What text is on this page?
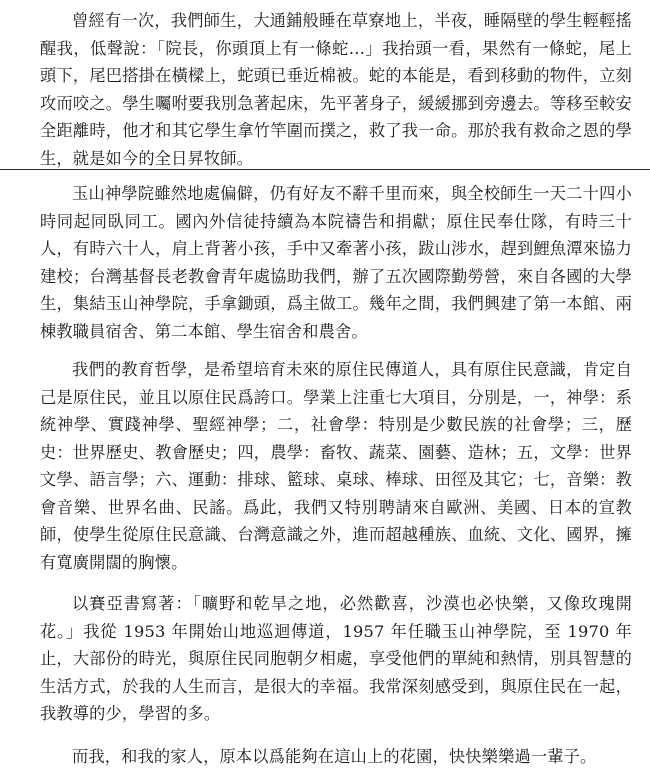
曾經有一次，我們師生，大通鋪般睡在草寮地上，半夜，睡隔壁的學生輕輕搖醒我，低聲說：「院長，你頭頂上有一條蛇…」我抬頭一看，果然有一條蛇，尾上頭下，尾巴搭掛在橫樑上，蛇頭已垂近棉被。蛇的本能是，看到移動的物件，立刻攻而咬之。學生囑咐要我別急著起床，先平著身子，緩緩挪到旁邊去。等移至較安全距離時，他才和其它學生拿竹竿圍而撲之，救了我一命。那於我有救命之恩的學生，就是如今的全日昇牧師。

玉山神學院雖然地處偏僻，仍有好友不辭千里而來，與全校師生一天二十四小時同起同臥同工。國內外信徒持續為本院禱告和捐獻；原住民奉仕隊，有時三十人，有時六十人，肩上背著小孩，手中又牽著小孩，跋山涉水，趕到鯉魚潭來協力建校；台灣基督長老教會青年處協助我們，辦了五次國際勤勞營，來自各國的大學生，集結玉山神學院，手拿鋤頭，爲主做工。幾年之間，我們興建了第一本館、兩棟教職員宿舍、第二本館、學生宿舍和農舍。

我們的教育哲學，是希望培育未來的原住民傳道人，具有原住民意識，肯定自己是原住民，並且以原住民爲誇口。學業上注重七大項目，分別是，一，神學：系統神學、實踐神學、聖經神學；二，社會學：特別是少數民族的社會學；三，歷史：世界歷史、教會歷史；四，農學：畜牧、蔬菜、園藝、造林；五，文學：世界文學、語言學；六、運動：排球、籃球、桌球、棒球、田徑及其它；七，音樂：教會音樂、世界名曲、民謠。爲此，我們又特別聘請來自歐洲、美國、日本的宣教師，使學生從原住民意識、台灣意識之外，進而超越種族、血統、文化、國界，擁有寬廣開闊的胸懷。

以賽亞書寫著：「曠野和乾旱之地，必然歡喜，沙漠也必快樂，又像玫瑰開花。」我從 1953 年開始山地巡迴傳道，1957 年任職玉山神學院，至 1970 年止，大部份的時光，與原住民同胞朝夕相處，享受他們的單純和熱情，別具智慧的生活方式，於我的人生而言，是很大的幸福。我常深刻感受到，與原住民在一起，我教導的少，學習的多。

而我，和我的家人，原本以爲能夠在這山上的花園，快快樂樂過一輩子。
